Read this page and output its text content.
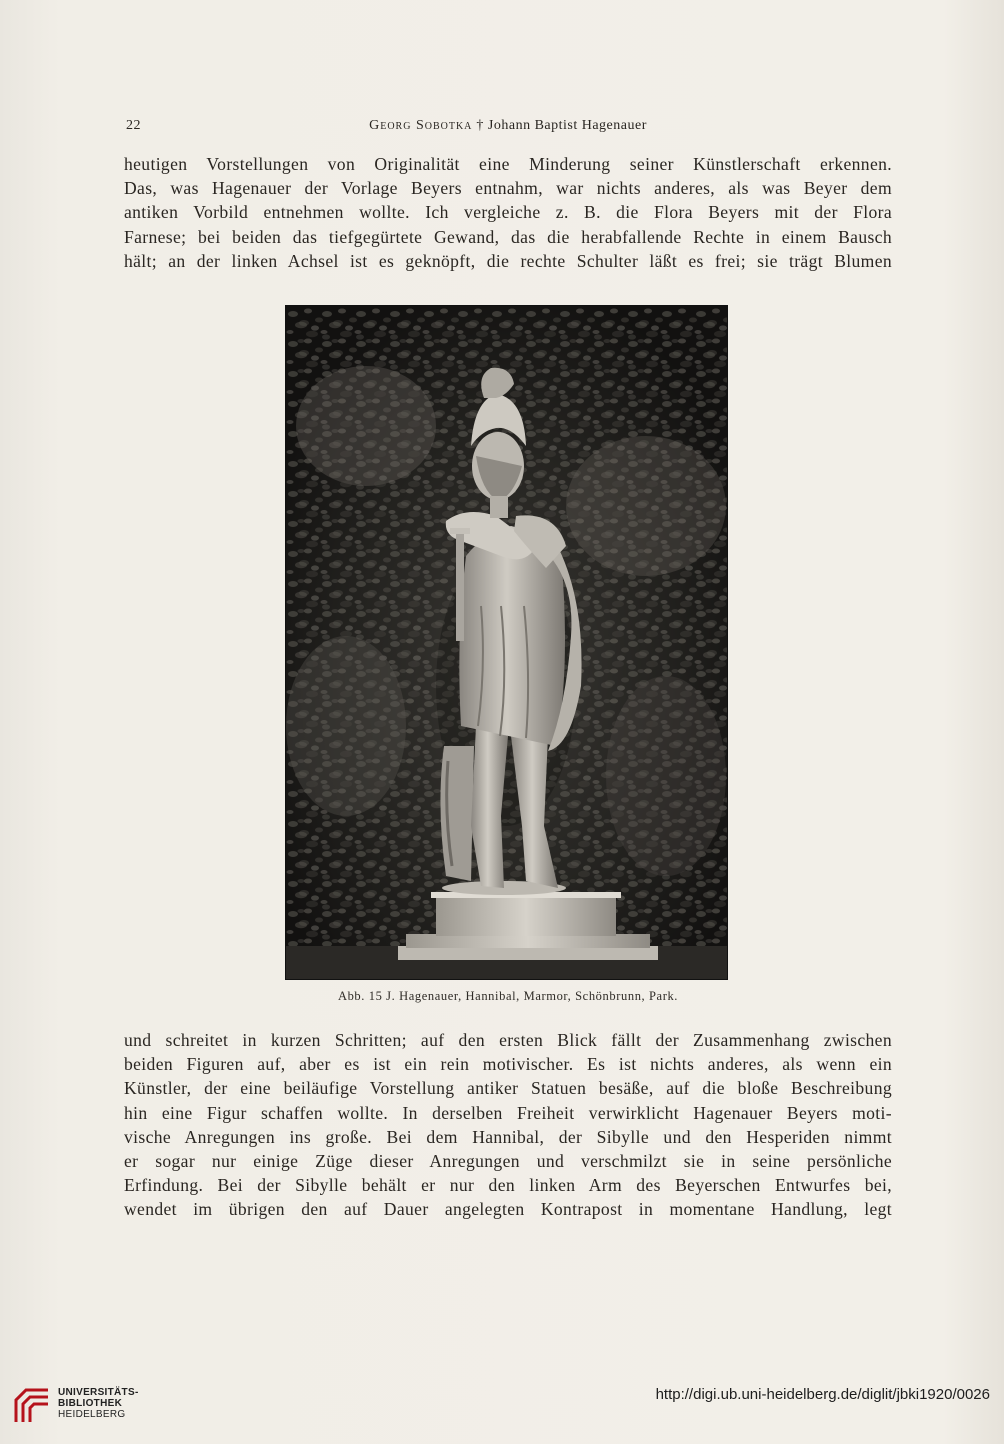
22	Georg Sobotka † Johann Baptist Hagenauer

heutigen Vorstellungen von Originalität eine Minderung seiner Künstlerschaft erkennen.
Das, was Hagenauer der Vorlage Beyers entnahm, war nichts anderes, als was Beyer dem
antiken Vorbild entnehmen wollte. Ich vergleiche z. B. die Flora Beyers mit der Flora
Farnese; bei beiden das tiefgegürtete Gewand, das die herabfallende Rechte in einem Bausch
hält; an der linken Achsel ist es geknöpft, die rechte Schulter läßt es frei; sie trägt Blumen

Abb. 15 J. Hagenauer, Hannibal, Marmor, Schönbrunn, Park.

und schreitet in kurzen Schritten; auf den ersten Blick fällt der Zusammenhang zwischen
beiden Figuren auf, aber es ist ein rein motivischer. Es ist nichts anderes, als wenn ein
Künstler, der eine beiläufige Vorstellung antiker Statuen besäße, auf die bloße Beschreibung
hin eine Figur schaffen wollte. In derselben Freiheit verwirklicht Hagenauer Beyers moti-
vische Anregungen ins große. Bei dem Hannibal, der Sibylle und den Hesperiden nimmt
er sogar nur einige Züge dieser Anregungen und verschmilzt sie in seine persönliche
Erfindung. Bei der Sibylle behält er nur den linken Arm des Beyerschen Entwurfes bei,
wendet im übrigen den auf Dauer angelegten Kontrapost in momentane Handlung, legt

UNIVERSITÄTS-
BIBLIOTHEK
HEIDELBERG
http://digi.ub.uni-heidelberg.de/diglit/jbki1920/0026
